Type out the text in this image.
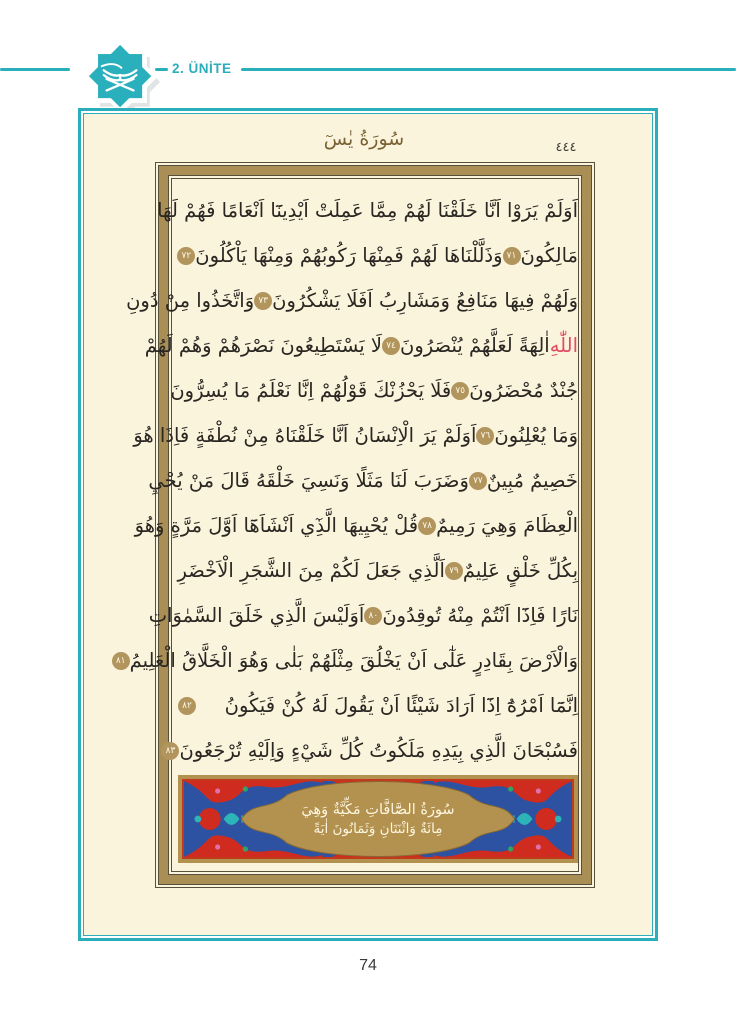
2. ÜNİTE
سُورَةُ يٰسٓ	٤٤٤
اَوَلَمْ يَرَوْا اَنَّا خَلَقْنَا لَهُمْ مِمَّا عَمِلَتْ اَيْدِينَٓا اَنْعَامًا فَهُمْ لَهَا
مَالِكُونَ
٧١
وَذَلَّلْنَاهَا لَهُمْ فَمِنْهَا رَكُوبُهُمْ وَمِنْهَا يَاْكُلُونَ
٧٢
وَلَهُمْ فِيهَا مَنَافِعُ وَمَشَارِبُ اَفَلَا يَشْكُرُونَ
٧٣
وَاتَّخَذُوا مِنْ دُونِ
اللّٰهِ
اٰلِهَةً لَعَلَّهُمْ يُنْصَرُونَ
٧٤
لَا يَسْتَطِيعُونَ نَصْرَهُمْ وَهُمْ لَهُمْ
جُنْدٌ مُحْضَرُونَ
٧٥
فَلَا يَحْزُنْكَ قَوْلُهُمْ اِنَّا نَعْلَمُ مَا يُسِرُّونَ
وَمَا يُعْلِنُونَ
٧٦
اَوَلَمْ يَرَ الْاِنْسَانُ اَنَّا خَلَقْنَاهُ مِنْ نُطْفَةٍ فَاِذَا هُوَ
خَصِيمٌ مُبِينٌ
٧٧
وَضَرَبَ لَنَا مَثَلًا وَنَسِيَ خَلْقَهُ قَالَ مَنْ يُحْيِ
الْعِظَامَ وَهِيَ رَمِيمٌ
٧٨
قُلْ يُحْيِيهَا الَّذِٓي اَنْشَاَهَٓا اَوَّلَ مَرَّةٍ وَهُوَ
بِكُلِّ خَلْقٍ عَلِيمٌ
٧٩
اَلَّذِي جَعَلَ لَكُمْ مِنَ الشَّجَرِ الْاَخْضَرِ
نَارًا فَاِذَٓا اَنْتُمْ مِنْهُ تُوقِدُونَ
٨٠
اَوَلَيْسَ الَّذِي خَلَقَ السَّمٰوَاتِ
وَالْاَرْضَ بِقَادِرٍ عَلٰٓى اَنْ يَخْلُقَ مِثْلَهُمْ بَلٰى وَهُوَ الْخَلَّاقُ الْعَلِيمُ
٨١
اِنَّمَٓا اَمْرُهُٓ اِذَٓا اَرَادَ شَيْئًا اَنْ يَقُولَ لَهُ كُنْ فَيَكُونُ
٨٢
فَسُبْحَانَ الَّذِي بِيَدِهِ مَلَكُوتُ كُلِّ شَيْءٍ وَاِلَيْهِ تُرْجَعُونَ
٨٣
سُورَةُ الصَّٓافَّاتِ مَكِّيَّةٌ وَهِيَ
مِائَةٌ وَاثْنَتَانِ وَثَمَانُونَ اٰيَةً
74
